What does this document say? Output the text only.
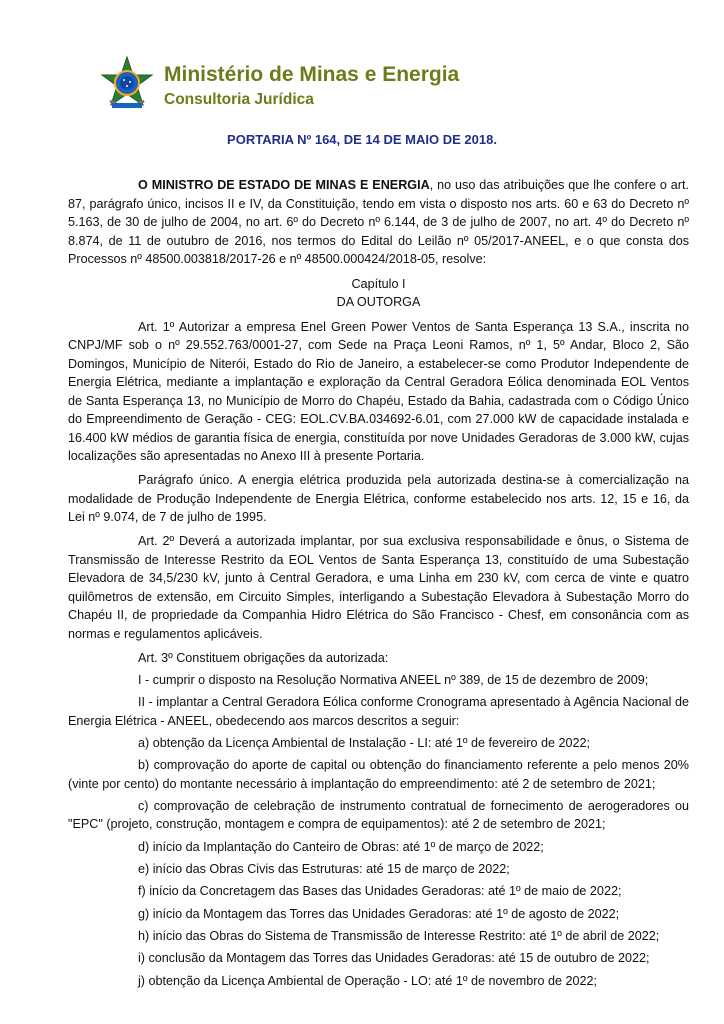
Ministério de Minas e Energia
Consultoria Jurídica
PORTARIA Nº 164, DE 14 DE MAIO DE 2018.

O MINISTRO DE ESTADO DE MINAS E ENERGIA, no uso das atribuições que lhe confere o art. 87, parágrafo único, incisos II e IV, da Constituição, tendo em vista o disposto nos arts. 60 e 63 do Decreto nº 5.163, de 30 de julho de 2004, no art. 6º do Decreto nº 6.144, de 3 de julho de 2007, no art. 4º do Decreto nº 8.874, de 11 de outubro de 2016, nos termos do Edital do Leilão nº 05/2017-ANEEL, e o que consta dos Processos nº 48500.003818/2017-26 e nº 48500.000424/2018-05, resolve:

Capítulo I

DA OUTORGA

Art. 1º Autorizar a empresa Enel Green Power Ventos de Santa Esperança 13 S.A., inscrita no CNPJ/MF sob o nº 29.552.763/0001-27, com Sede na Praça Leoni Ramos, nº 1, 5º Andar, Bloco 2, São Domingos, Município de Niterói, Estado do Rio de Janeiro, a estabelecer-se como Produtor Independente de Energia Elétrica, mediante a implantação e exploração da Central Geradora Eólica denominada EOL Ventos de Santa Esperança 13, no Município de Morro do Chapéu, Estado da Bahia, cadastrada com o Código Único do Empreendimento de Geração - CEG: EOL.CV.BA.034692-6.01, com 27.000 kW de capacidade instalada e 16.400 kW médios de garantia física de energia, constituída por nove Unidades Geradoras de 3.000 kW, cujas localizações são apresentadas no Anexo III à presente Portaria.

Parágrafo único. A energia elétrica produzida pela autorizada destina-se à comercialização na modalidade de Produção Independente de Energia Elétrica, conforme estabelecido nos arts. 12, 15 e 16, da Lei nº 9.074, de 7 de julho de 1995.

Art. 2º Deverá a autorizada implantar, por sua exclusiva responsabilidade e ônus, o Sistema de Transmissão de Interesse Restrito da EOL Ventos de Santa Esperança 13, constituído de uma Subestação Elevadora de 34,5/230 kV, junto à Central Geradora, e uma Linha em 230 kV, com cerca de vinte e quatro quilômetros de extensão, em Circuito Simples, interligando a Subestação Elevadora à Subestação Morro do Chapéu II, de propriedade da Companhia Hidro Elétrica do São Francisco - Chesf, em consonância com as normas e regulamentos aplicáveis.

Art. 3º Constituem obrigações da autorizada:

I - cumprir o disposto na Resolução Normativa ANEEL nº 389, de 15 de dezembro de 2009;

II - implantar a Central Geradora Eólica conforme Cronograma apresentado à Agência Nacional de Energia Elétrica - ANEEL, obedecendo aos marcos descritos a seguir:

a) obtenção da Licença Ambiental de Instalação - LI: até 1º de fevereiro de 2022;

b) comprovação do aporte de capital ou obtenção do financiamento referente a pelo menos 20% (vinte por cento) do montante necessário à implantação do empreendimento: até 2 de setembro de 2021;

c) comprovação de celebração de instrumento contratual de fornecimento de aerogeradores ou "EPC" (projeto, construção, montagem e compra de equipamentos): até 2 de setembro de 2021;

d) início da Implantação do Canteiro de Obras: até 1º de março de 2022;

e) início das Obras Civis das Estruturas: até 15 de março de 2022;

f) início da Concretagem das Bases das Unidades Geradoras: até 1º de maio de 2022;

g) início da Montagem das Torres das Unidades Geradoras: até 1º de agosto de 2022;

h) início das Obras do Sistema de Transmissão de Interesse Restrito: até 1º de abril de 2022;

i) conclusão da Montagem das Torres das Unidades Geradoras: até 15 de outubro de 2022;

j) obtenção da Licença Ambiental de Operação - LO: até 1º de novembro de 2022;
